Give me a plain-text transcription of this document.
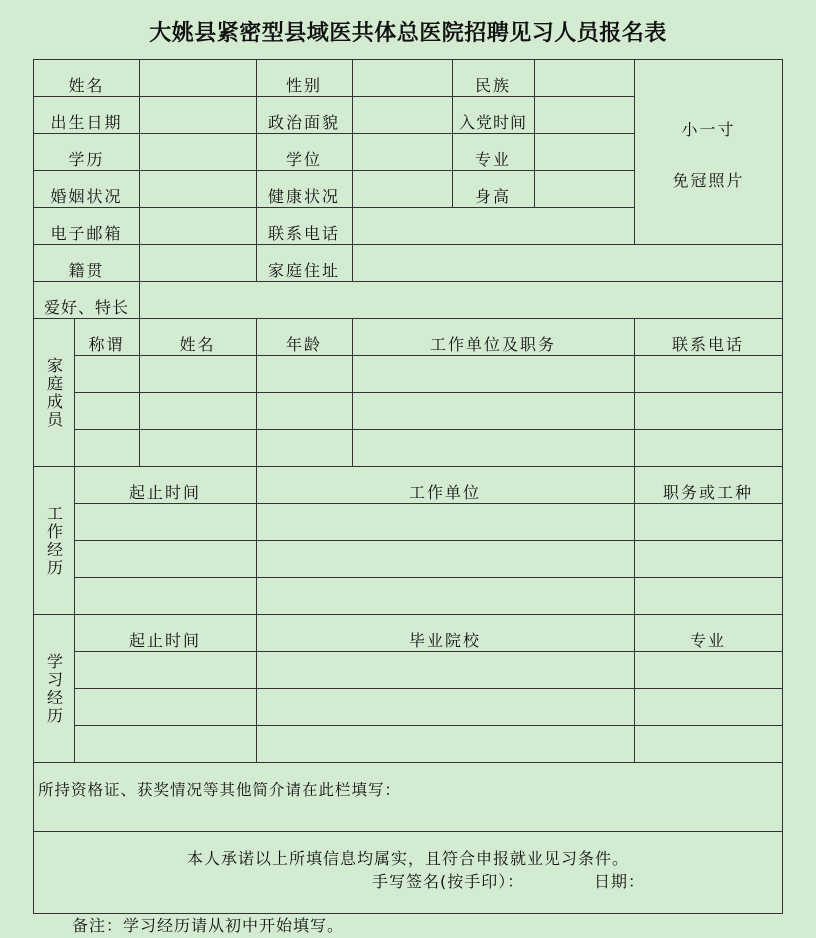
大姚县紧密型县域医共体总医院招聘见习人员报名表
姓名	性别	民族
出生日期	政治面貌	入党时间
学历	学位	专业
婚姻状况	健康状况	身高
电子邮箱	联系电话
籍贯	家庭住址
爱好、特长
小一寸
免冠照片
家庭成员
称谓	姓名	年龄	工作单位及职务	联系电话
工作经历
起止时间	工作单位	职务或工种
学习经历
起止时间	毕业院校	专业
所持资格证、获奖情况等其他简介请在此栏填写：
本人承诺以上所填信息均属实，且符合申报就业见习条件。
手写签名(按手印）：	日期：
备注：学习经历请从初中开始填写。
